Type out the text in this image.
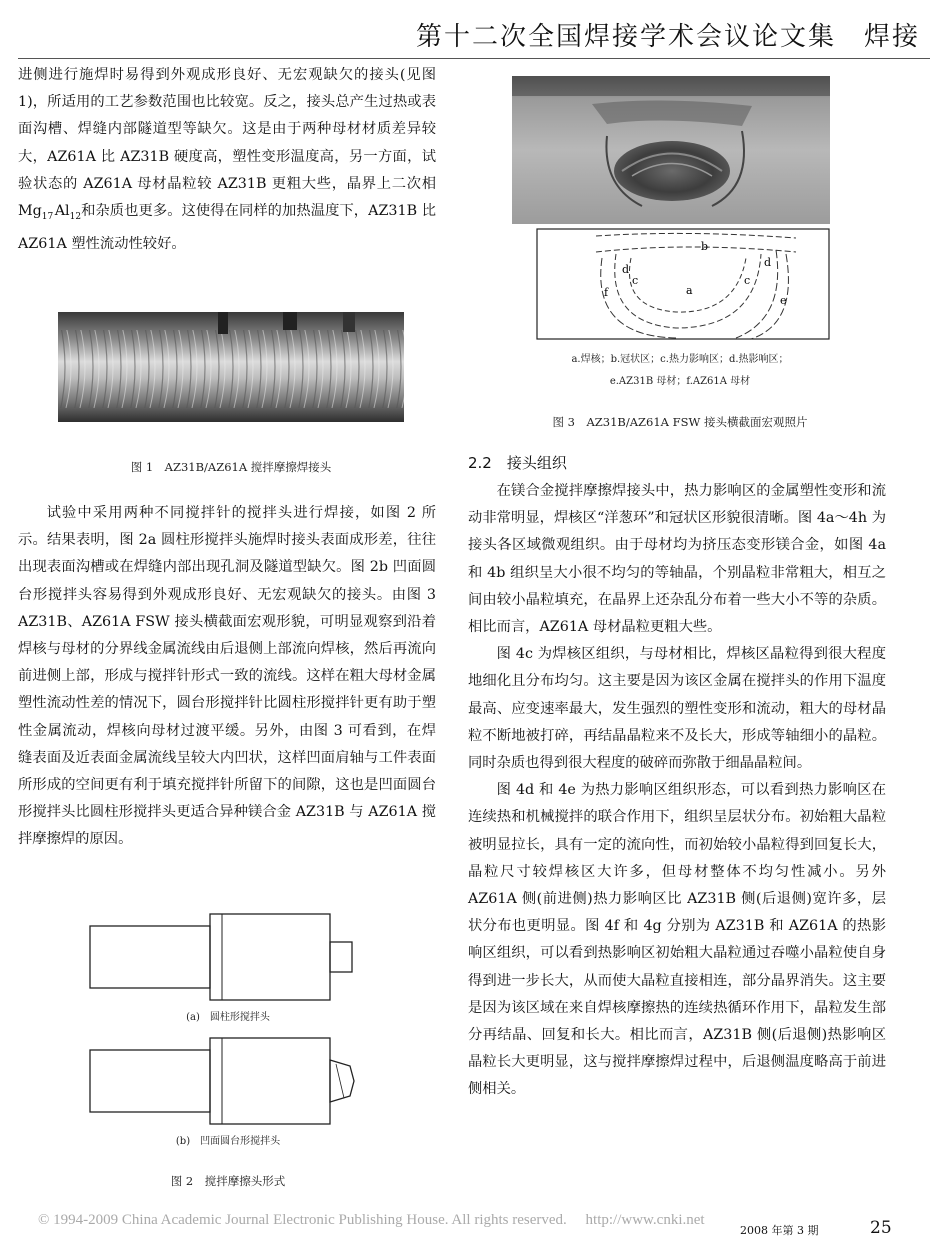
第十二次全国焊接学术会议论文集　焊接

进侧进行施焊时易得到外观成形良好、无宏观缺欠的接头(见图1)，所适用的工艺参数范围也比较宽。反之，接头总产生过热或表面沟槽、焊缝内部隧道型等缺欠。这是由于两种母材材质差异较大，AZ61A 比 AZ31B 硬度高，塑性变形温度高，另一方面，试验状态的 AZ61A 母材晶粒较 AZ31B 更粗大些，晶界上二次相$Mg_{17}$ $Al_{12}$和杂质也更多。这使得在同样的加热温度下，AZ31B 比 AZ61A 塑性流动性较好。

图 1　AZ31B/AZ61A 搅拌摩擦焊接头

试验中采用两种不同搅拌针的搅拌头进行焊接，如图 2 所示。结果表明，图 2a 圆柱形搅拌头施焊时接头表面成形差，往往出现表面沟槽或在焊缝内部出现孔洞及隧道型缺欠。图 2b 凹面圆台形搅拌头容易得到外观成形良好、无宏观缺欠的接头。由图 3 AZ31B、AZ61A FSW 接头横截面宏观形貌，可明显观察到沿着焊核与母材的分界线金属流线由后退侧上部流向焊核，然后再流向前进侧上部，形成与搅拌针形式一致的流线。这样在粗大母材金属塑性流动性差的情况下，圆台形搅拌针比圆柱形搅拌针更有助于塑性金属流动，焊核向母材过渡平缓。另外，由图 3 可看到，在焊缝表面及近表面金属流线呈较大内凹状，这样凹面肩轴与工件表面所形成的空间更有利于填充搅拌针所留下的间隙，这也是凹面圆台形搅拌头比圆柱形搅拌头更适合异种镁合金 AZ31B 与 AZ61A 搅拌摩擦焊的原因。

(a)　圆柱形搅拌头
(b)　凹面圆台形搅拌头
图 2　搅拌摩擦头形式
a
b
c	c
d
d
e
f
a.焊核；b.冠状区；c.热力影响区；d.热影响区；
e.AZ31B 母材；f.AZ61A 母材
图 3　AZ31B/AZ61A FSW 接头横截面宏观照片
2.2　接头组织

在镁合金搅拌摩擦焊接头中，热力影响区的金属塑性变形和流动非常明显，焊核区“洋葱环”和冠状区形貌很清晰。图 4a～4h 为接头各区域微观组织。由于母材均为挤压态变形镁合金，如图 4a 和 4b 组织呈大小很不均匀的等轴晶，个别晶粒非常粗大，相互之间由较小晶粒填充，在晶界上还杂乱分布着一些大小不等的杂质。相比而言，AZ61A 母材晶粒更粗大些。

图 4c 为焊核区组织，与母材相比，焊核区晶粒得到很大程度地细化且分布均匀。这主要是因为该区金属在搅拌头的作用下温度最高、应变速率最大，发生强烈的塑性变形和流动，粗大的母材晶粒不断地被打碎，再结晶晶粒来不及长大，形成等轴细小的晶粒。同时杂质也得到很大程度的破碎而弥散于细晶晶粒间。

图 4d 和 4e 为热力影响区组织形态，可以看到热力影响区在连续热和机械搅拌的联合作用下，组织呈层状分布。初始粗大晶粒被明显拉长，具有一定的流向性，而初始较小晶粒得到回复长大，晶粒尺寸较焊核区大许多，但母材整体不均匀性减小。另外 AZ61A 侧(前进侧)热力影响区比 AZ31B 侧(后退侧)宽许多，层状分布也更明显。图 4f 和 4g 分别为 AZ31B 和 AZ61A 的热影响区组织，可以看到热影响区初始粗大晶粒通过吞噬小晶粒使自身得到进一步长大，从而使大晶粒直接相连，部分晶界消失。这主要是因为该区域在来自焊核摩擦热的连续热循环作用下，晶粒发生部分再结晶、回复和长大。相比而言，AZ31B 侧(后退侧)热影响区晶粒长大更明显，这与搅拌摩擦焊过程中，后退侧温度略高于前进侧相关。

© 1994-2009 China Academic Journal Electronic Publishing House. All rights reserved.　 http://www.cnki.net
2008 年第 3 期	25
